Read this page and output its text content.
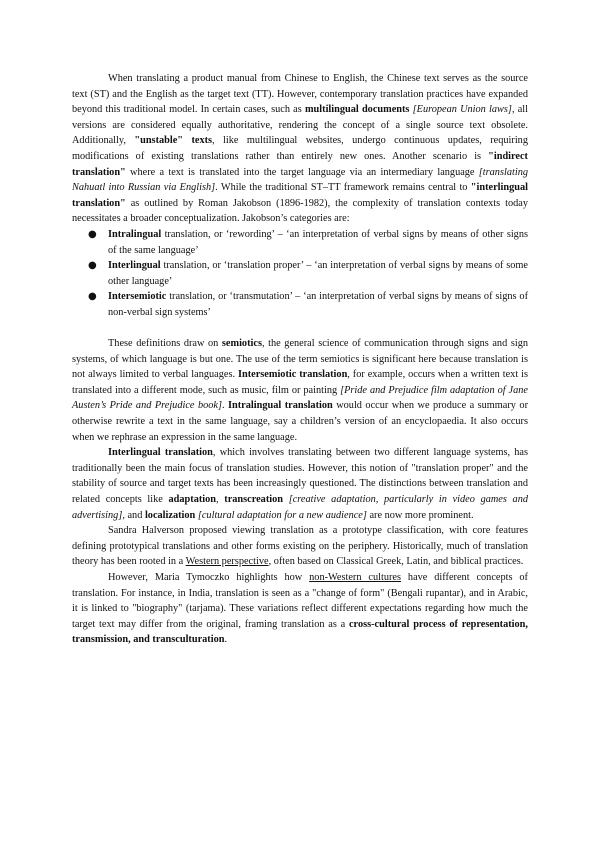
When translating a product manual from Chinese to English, the Chinese text serves as the source text (ST) and the English as the target text (TT). However, contemporary translation practices have expanded beyond this traditional model. In certain cases, such as multilingual documents [European Union laws], all versions are considered equally authoritative, rendering the concept of a single source text obsolete. Additionally, "unstable" texts, like multilingual websites, undergo continuous updates, requiring modifications of existing translations rather than entirely new ones. Another scenario is "indirect translation" where a text is translated into the target language via an intermediary language [translating Nahuatl into Russian via English]. While the traditional ST–TT framework remains central to "interlingual translation" as outlined by Roman Jakobson (1896-1982), the complexity of translation contexts today necessitates a broader conceptualization. Jakobson’s categories are:

● Intralingual translation, or ‘rewording’ – ‘an interpretation of verbal signs by means of other signs of the same language’
● Interlingual translation, or ‘translation proper’ – ‘an interpretation of verbal signs by means of some other language’
● Intersemiotic translation, or ‘transmutation’ – ‘an interpretation of verbal signs by means of signs of non-verbal sign systems’

These definitions draw on semiotics, the general science of communication through signs and sign systems, of which language is but one. The use of the term semiotics is significant here because translation is not always limited to verbal languages. Intersemiotic translation, for example, occurs when a written text is translated into a different mode, such as music, film or painting [Pride and Prejudice film adaptation of Jane Austen’s Pride and Prejudice book]. Intralingual translation would occur when we produce a summary or otherwise rewrite a text in the same language, say a children’s version of an encyclopaedia. It also occurs when we rephrase an expression in the same language.

Interlingual translation, which involves translating between two different language systems, has traditionally been the main focus of translation studies. However, this notion of "translation proper" and the stability of source and target texts has been increasingly questioned. The distinctions between translation and related concepts like adaptation, transcreation [creative adaptation, particularly in video games and advertising], and localization [cultural adaptation for a new audience] are now more prominent.

Sandra Halverson proposed viewing translation as a prototype classification, with core features defining prototypical translations and other forms existing on the periphery. Historically, much of translation theory has been rooted in a Western perspective, often based on Classical Greek, Latin, and biblical practices.

However, Maria Tymoczko highlights how non-Western cultures have different concepts of translation. For instance, in India, translation is seen as a "change of form" (Bengali rupantar), and in Arabic, it is linked to "biography" (tarjama). These variations reflect different expectations regarding how much the target text may differ from the original, framing translation as a cross-cultural process of representation, transmission, and transculturation.
